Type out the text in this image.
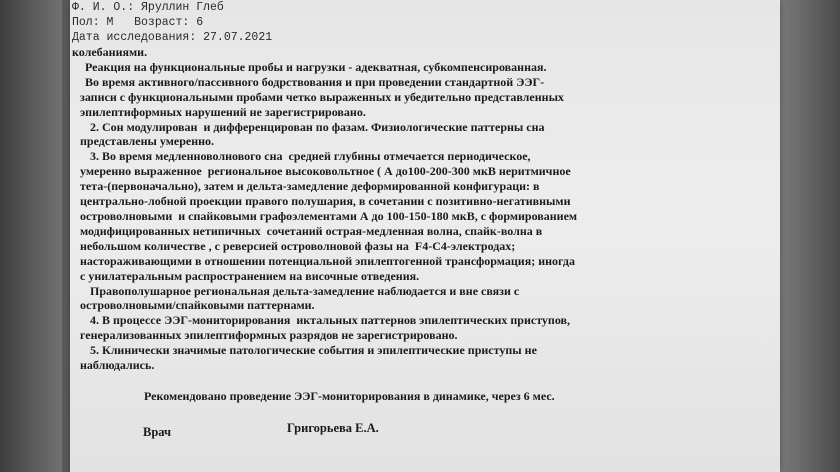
Ф. И. О.: Яруллин Глеб
Пол: М   Возраст: 6
Дата исследования: 27.07.2021
колебаниями.
Реакция на функциональные пробы и нагрузки - адекватная, субкомпенсированная.
Во время активного/пассивного бодрствования и при проведении стандартной ЭЭГ-
записи с функциональными пробами четко выраженных и убедительно представленных
эпилептиформных нарушений не зарегистрировано.
2. Сон модулирован  и дифференцирован по фазам. Физиологические паттерны сна
представлены умеренно.
3. Во время медленноволнового сна  средней глубины отмечается периодическое,
умеренно выраженное  региональное высоковольтное ( А до100-200-300 мкВ неритмичное
тета-(первоначально), затем и дельта-замедление деформированной конфигураци: в
центрально-лобной проекции правого полушария, в сочетании с позитивно-негативными
островолновыми  и спайковыми графоэлементами А до 100-150-180 мкВ, с формированием
модифицированных нетипичных  сочетаний острая-медленная волна, спайк-волна в
небольшом количестве , с реверсией островолновой фазы на  F4-C4-электродах;
настораживающими в отношении потенциальной эпилептогенной трансформация; иногда
с унилатеральным распространением на височные отведения.
Правополушарное региональная дельта-замедление наблюдается и вне связи с
островолновыми/спайковыми паттернами.
4. В процессе ЭЭГ-мониторирования  иктальных паттернов эпилептических приступов,
генерализованных эпилептиформных разрядов не зарегистрировано.
5. Клинически значимые патологические события и эпилептические приступы не
наблюдались.
Рекомендовано проведение ЭЭГ-мониторирования в динамике, через 6 мес.
Врач	Григорьева Е.А.
